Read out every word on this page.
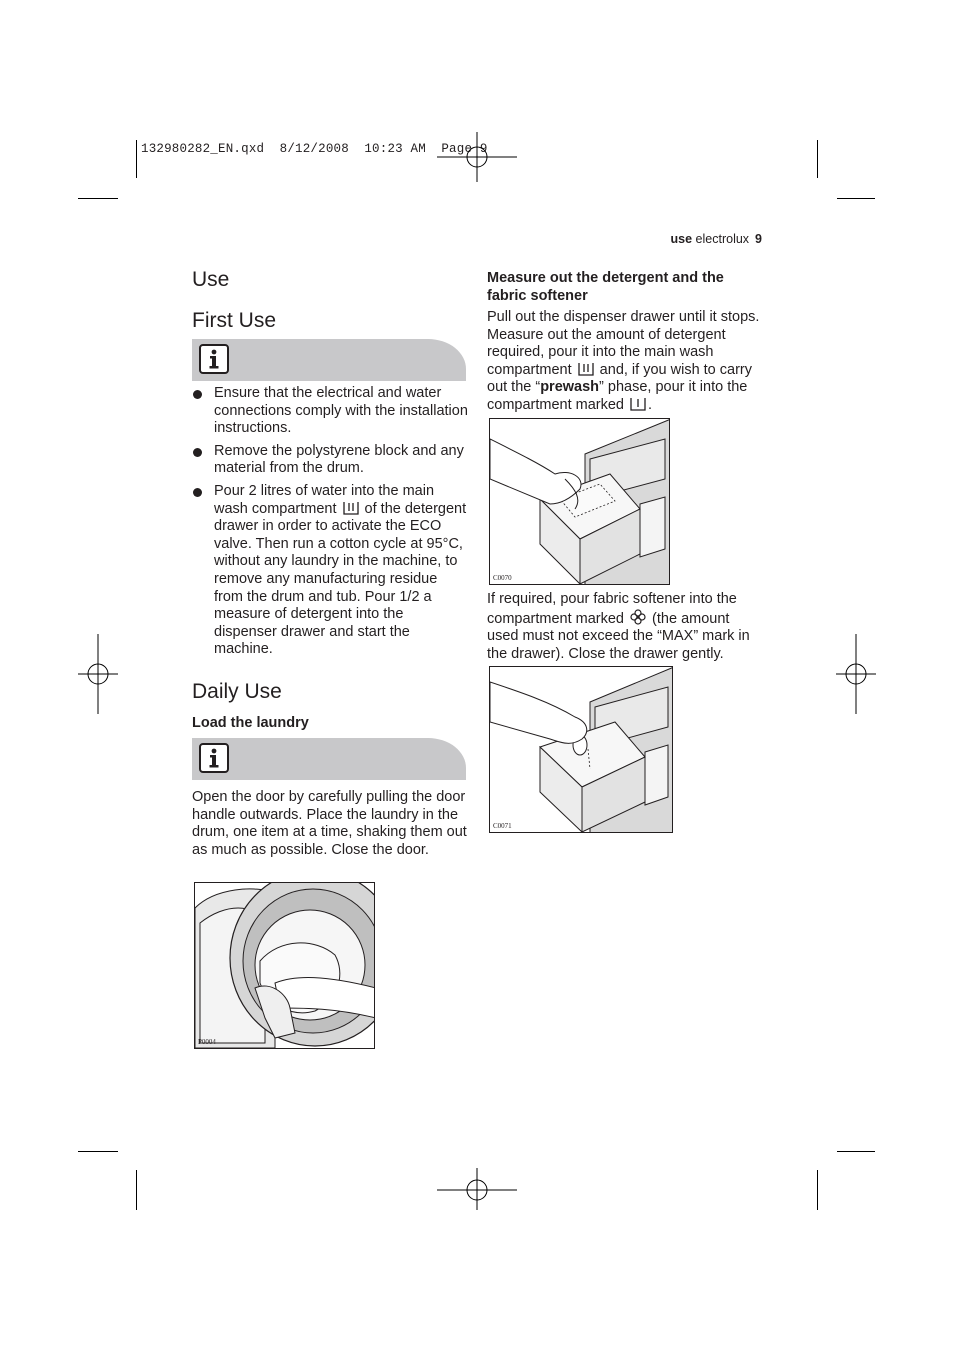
132980282_EN.qxd  8/12/2008  10:23 AM  Page 9
use electrolux 9
Use
First Use
Ensure that the electrical and water connections comply with the installation instructions.
Remove the polystyrene block and any material from the drum.
Pour 2 litres of water into the main wash compartment  of the detergent drawer in order to activate the ECO valve. Then run a cotton cycle at 95°C, without any laundry in the machine, to remove any manufacturing residue from the drum and tub. Pour 1/2 a measure of detergent into the dispenser drawer and start the machine.
Daily Use
Load the laundry
Open the door by carefully pulling the door handle outwards. Place the laundry in the drum, one item at a time, shaking them out as much as possible. Close the door.
P0004
Measure out the detergent and the fabric softener
Pull out the dispenser drawer until it stops. Measure out the amount of detergent required, pour it into the main wash compartment  and, if you wish to carry out the “prewash” phase, pour it into the compartment marked .
C0070
If required, pour fabric softener into the compartment marked  (the amount used must not exceed the “MAX” mark in the drawer). Close the drawer gently.
C0071
